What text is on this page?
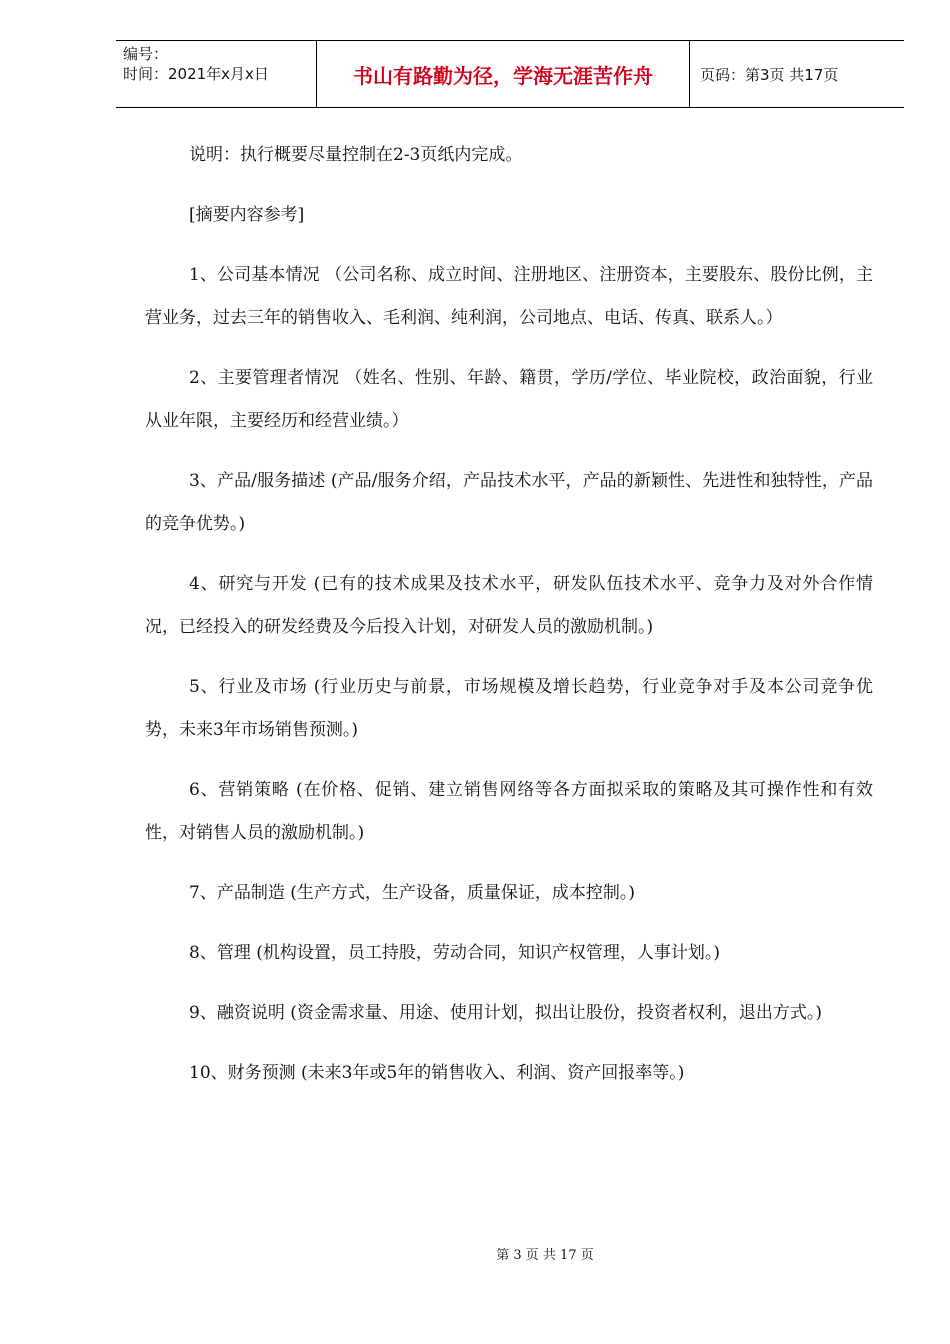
编号：
时间：2021年x月x日	书山有路勤为径，学海无涯苦作舟	页码：第3页 共17页

说明：执行概要尽量控制在2-3页纸内完成。

[摘要内容参考]

1、公司基本情况 （公司名称、成立时间、注册地区、注册资本，主要股东、股份比例，主营业务，过去三年的销售收入、毛利润、纯利润，公司地点、电话、传真、联系人。）

2、主要管理者情况 （姓名、性别、年龄、籍贯，学历/学位、毕业院校，政治面貌，行业从业年限，主要经历和经营业绩。）

3、产品/服务描述 (产品/服务介绍，产品技术水平，产品的新颖性、先进性和独特性，产品的竞争优势。)

4、研究与开发 (已有的技术成果及技术水平，研发队伍技术水平、竞争力及对外合作情况，已经投入的研发经费及今后投入计划，对研发人员的激励机制。)

5、行业及市场 (行业历史与前景，市场规模及增长趋势，行业竞争对手及本公司竞争优势，未来3年市场销售预测。)

6、营销策略 (在价格、促销、建立销售网络等各方面拟采取的策略及其可操作性和有效性，对销售人员的激励机制。)

7、产品制造 (生产方式，生产设备，质量保证，成本控制。)

8、管理 (机构设置，员工持股，劳动合同，知识产权管理，人事计划。)

9、融资说明 (资金需求量、用途、使用计划，拟出让股份，投资者权利，退出方式。)

10、财务预测 (未来3年或5年的销售收入、利润、资产回报率等。)

第 3 页 共 17 页
